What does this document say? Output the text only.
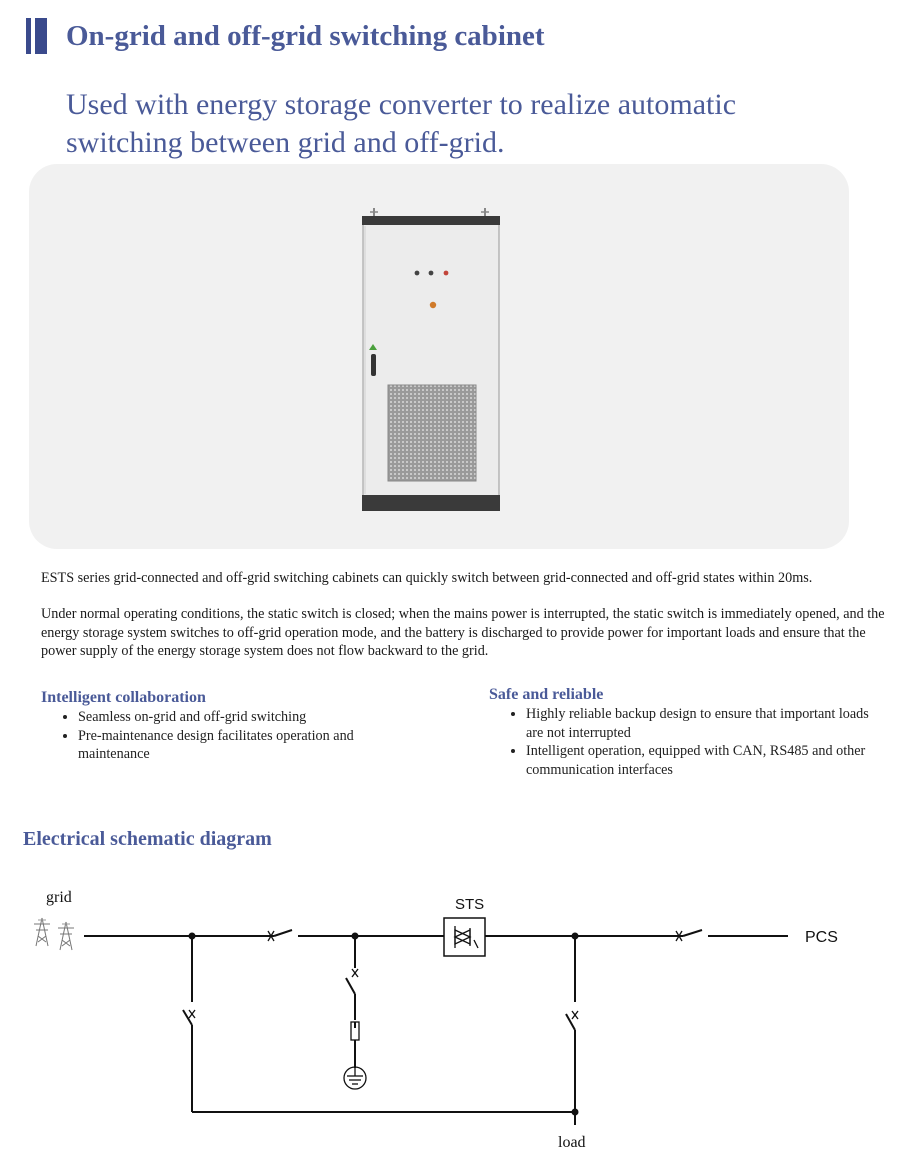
On-grid and off-grid switching cabinet
Used with energy storage converter to realize automatic switching between grid and off-grid.
ESTS series grid-connected and off-grid switching cabinets can quickly switch between grid-connected and off-grid states within 20ms.
Under normal operating conditions, the static switch is closed; when the mains power is interrupted, the static switch is immediately opened, and the energy storage system switches to off-grid operation mode, and the battery is discharged to provide power for important loads and ensure that the power supply of the energy storage system does not flow backward to the grid.
Intelligent collaboration
• Seamless on-grid and off-grid switching
• Pre-maintenance design facilitates operation and maintenance
Safe and reliable
• Highly reliable backup design to ensure that important loads are not interrupted
• Intelligent operation, equipped with CAN, RS485 and other communication interfaces
Electrical schematic diagram
grid	STS
PCS
load
